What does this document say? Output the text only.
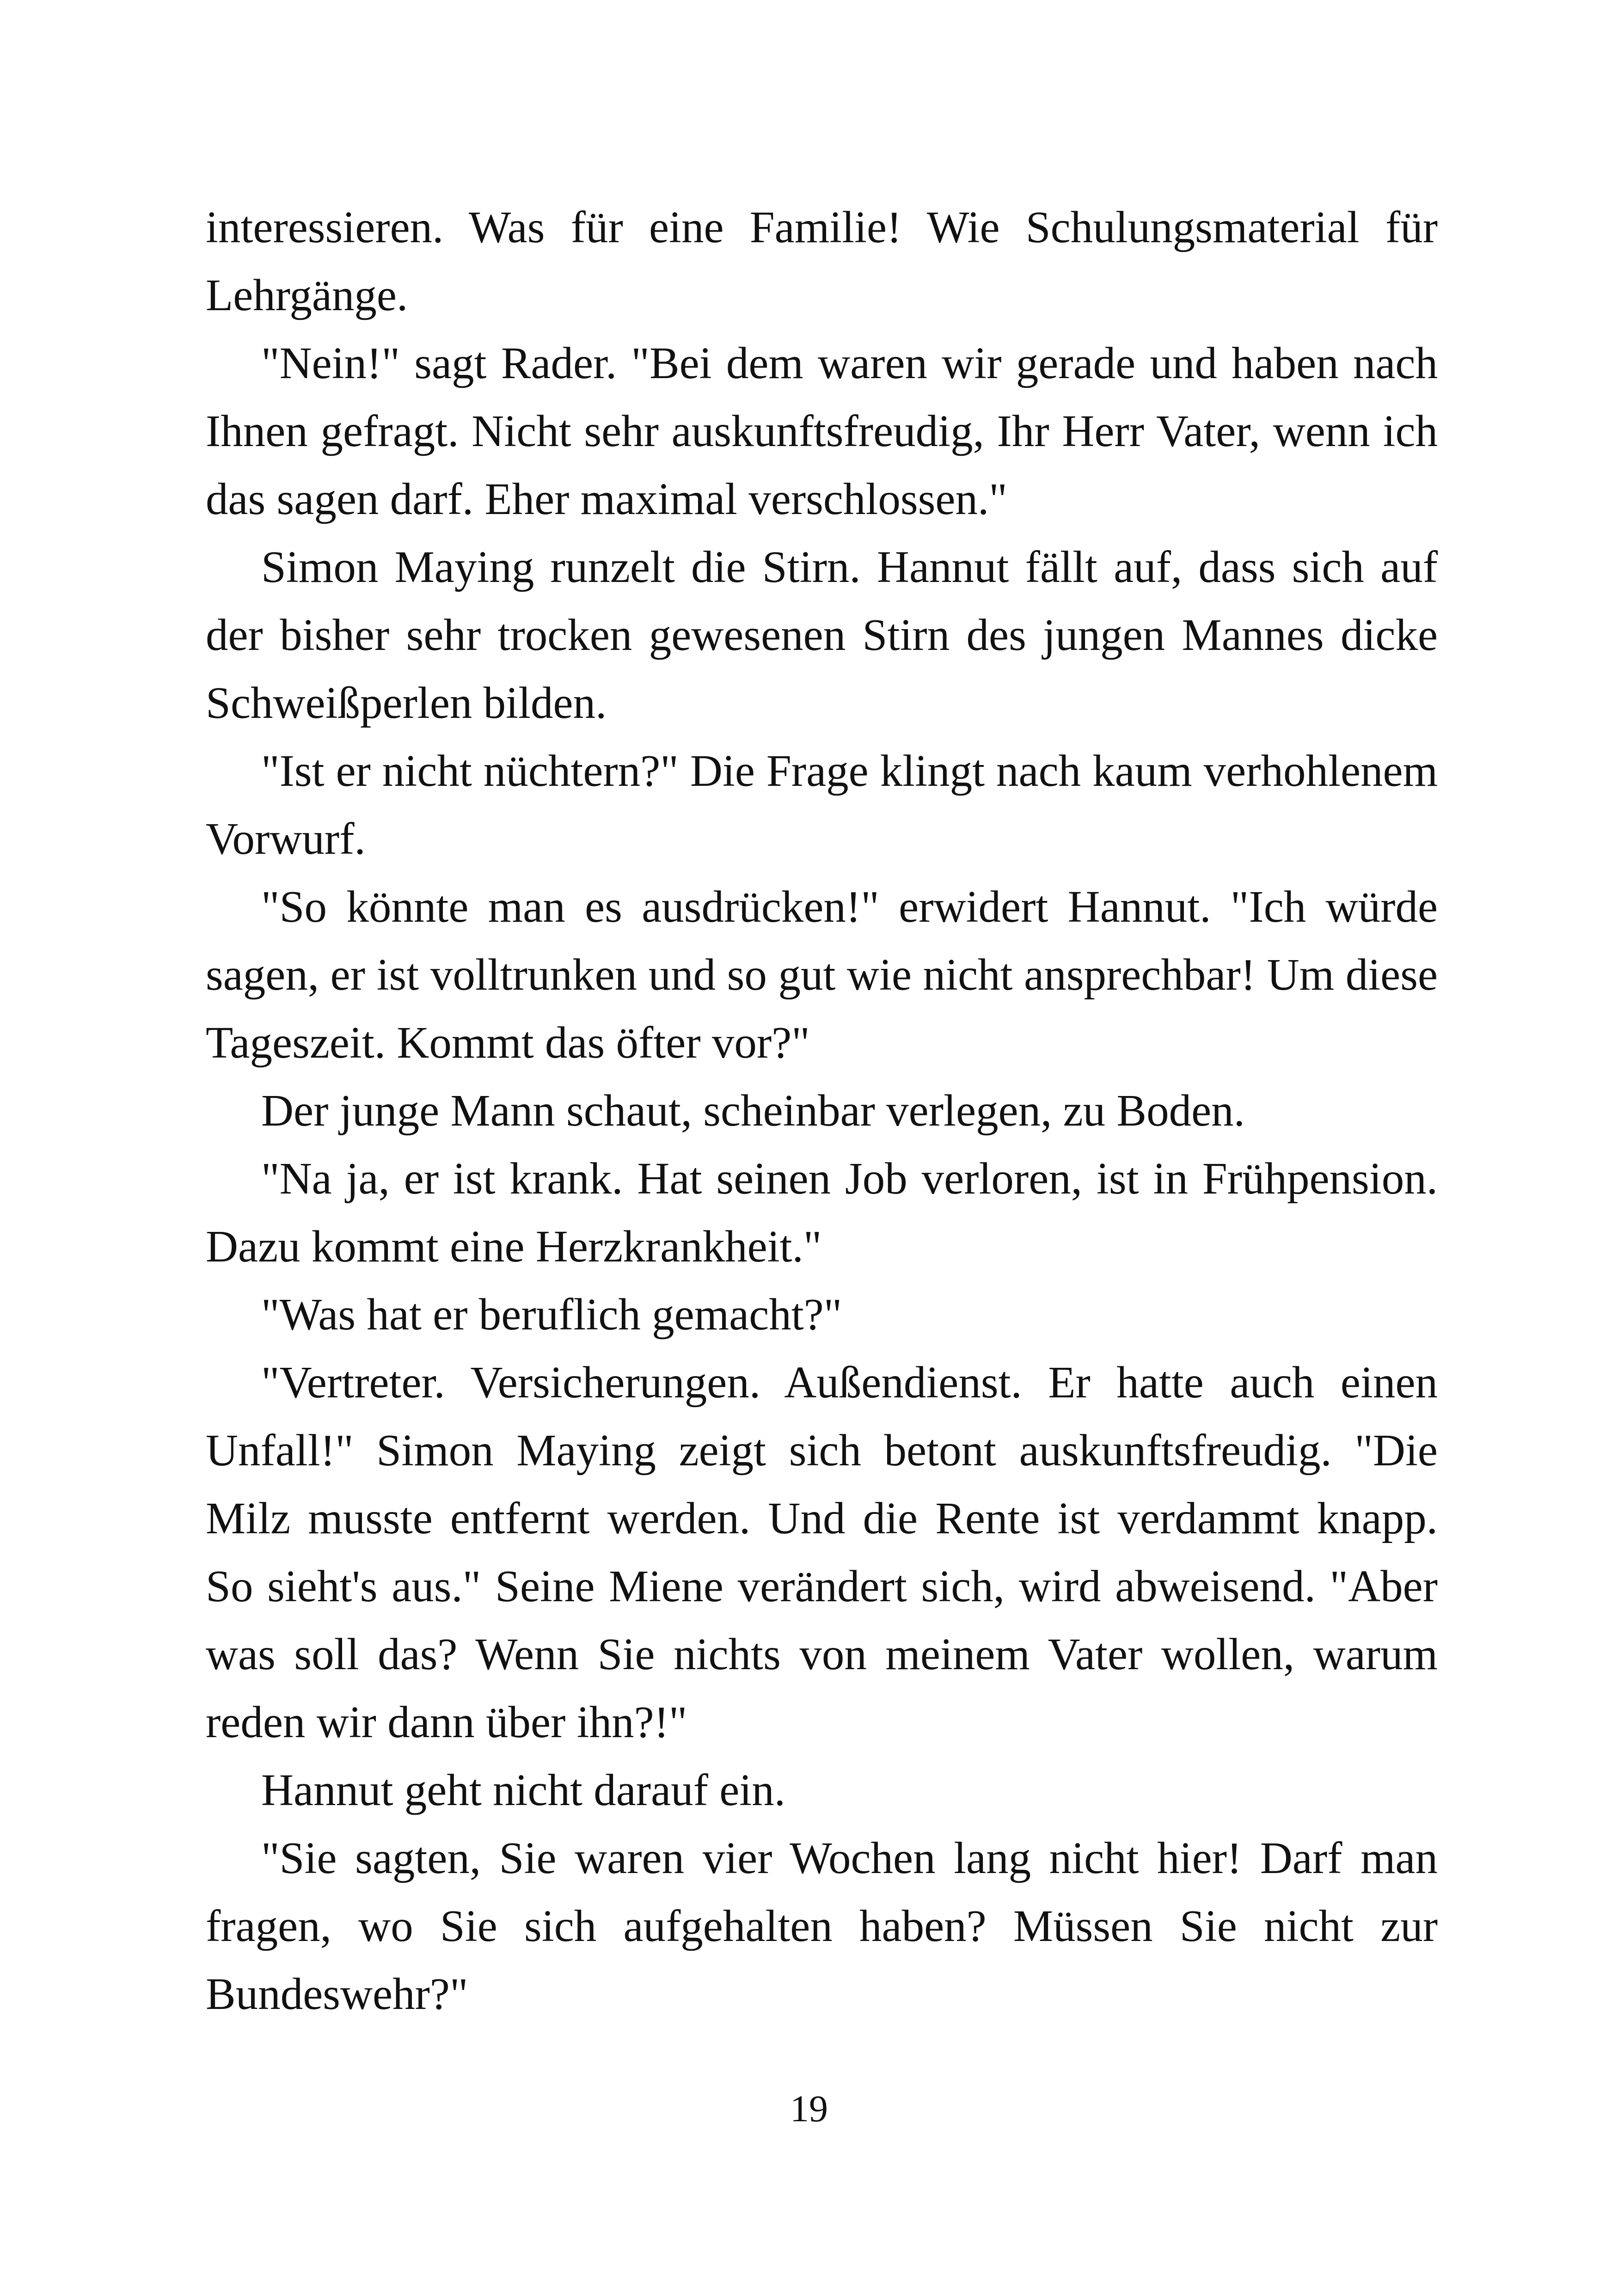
interessieren. Was für eine Familie! Wie Schulungsmaterial für Lehrgänge.

"Nein!" sagt Rader. "Bei dem waren wir gerade und haben nach Ihnen gefragt. Nicht sehr auskunftsfreudig, Ihr Herr Vater, wenn ich das sagen darf. Eher maximal verschlossen."

Simon Maying runzelt die Stirn. Hannut fällt auf, dass sich auf der bisher sehr trocken gewesenen Stirn des jungen Mannes dicke Schweißperlen bilden.

"Ist er nicht nüchtern?" Die Frage klingt nach kaum verhohlenem Vorwurf.

"So könnte man es ausdrücken!" erwidert Hannut. "Ich würde sagen, er ist volltrunken und so gut wie nicht ansprechbar! Um diese Tageszeit. Kommt das öfter vor?"

Der junge Mann schaut, scheinbar verlegen, zu Boden.

"Na ja, er ist krank. Hat seinen Job verloren, ist in Frühpension. Dazu kommt eine Herzkrankheit."

"Was hat er beruflich gemacht?"

"Vertreter. Versicherungen. Außendienst. Er hatte auch einen Unfall!" Simon Maying zeigt sich betont auskunftsfreudig. "Die Milz musste entfernt werden. Und die Rente ist verdammt knapp. So sieht's aus." Seine Miene verändert sich, wird abweisend. "Aber was soll das? Wenn Sie nichts von meinem Vater wollen, warum reden wir dann über ihn?!"

Hannut geht nicht darauf ein.

"Sie sagten, Sie waren vier Wochen lang nicht hier! Darf man fragen, wo Sie sich aufgehalten haben? Müssen Sie nicht zur Bundeswehr?"

19
